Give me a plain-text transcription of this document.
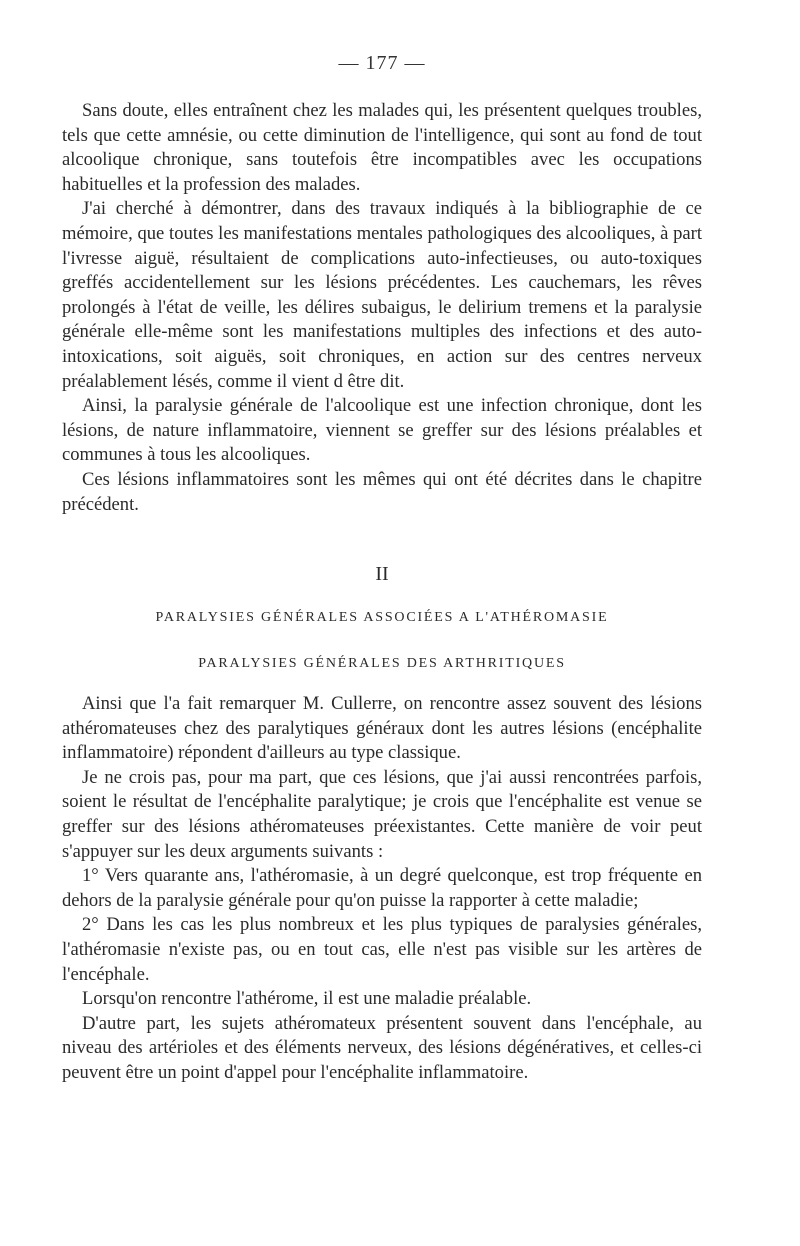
— 177 —

Sans doute, elles entraînent chez les malades qui, les présentent quelques troubles, tels que cette amnésie, ou cette diminution de l'intelligence, qui sont au fond de tout alcoolique chronique, sans toutefois être incompatibles avec les occupations habituelles et la profession des malades.

J'ai cherché à démontrer, dans des travaux indiqués à la bibliographie de ce mémoire, que toutes les manifestations mentales pathologiques des alcooliques, à part l'ivresse aiguë, résultaient de complications auto-infectieuses, ou auto-toxiques greffés accidentellement sur les lésions précédentes. Les cauchemars, les rêves prolongés à l'état de veille, les délires subaigus, le delirium tremens et la paralysie générale elle-même sont les manifestations multiples des infections et des auto-intoxications, soit aiguës, soit chroniques, en action sur des centres nerveux préalablement lésés, comme il vient d être dit.

Ainsi, la paralysie générale de l'alcoolique est une infection chronique, dont les lésions, de nature inflammatoire, viennent se greffer sur des lésions préalables et communes à tous les alcooliques.

Ces lésions inflammatoires sont les mêmes qui ont été décrites dans le chapitre précédent.

II
PARALYSIES GÉNÉRALES ASSOCIÉES A L'ATHÉROMASIE
PARALYSIES GÉNÉRALES DES ARTHRITIQUES

Ainsi que l'a fait remarquer M. Cullerre, on rencontre assez souvent des lésions athéromateuses chez des paralytiques généraux dont les autres lésions (encéphalite inflammatoire) répondent d'ailleurs au type classique.

Je ne crois pas, pour ma part, que ces lésions, que j'ai aussi rencontrées parfois, soient le résultat de l'encéphalite paralytique; je crois que l'encéphalite est venue se greffer sur des lésions athéromateuses préexistantes. Cette manière de voir peut s'appuyer sur les deux arguments suivants :

1° Vers quarante ans, l'athéromasie, à un degré quelconque, est trop fréquente en dehors de la paralysie générale pour qu'on puisse la rapporter à cette maladie;

2° Dans les cas les plus nombreux et les plus typiques de paralysies générales, l'athéromasie n'existe pas, ou en tout cas, elle n'est pas visible sur les artères de l'encéphale.

Lorsqu'on rencontre l'athérome, il est une maladie préalable.

D'autre part, les sujets athéromateux présentent souvent dans l'encéphale, au niveau des artérioles et des éléments nerveux, des lésions dégénératives, et celles-ci peuvent être un point d'appel pour l'encéphalite inflammatoire.
